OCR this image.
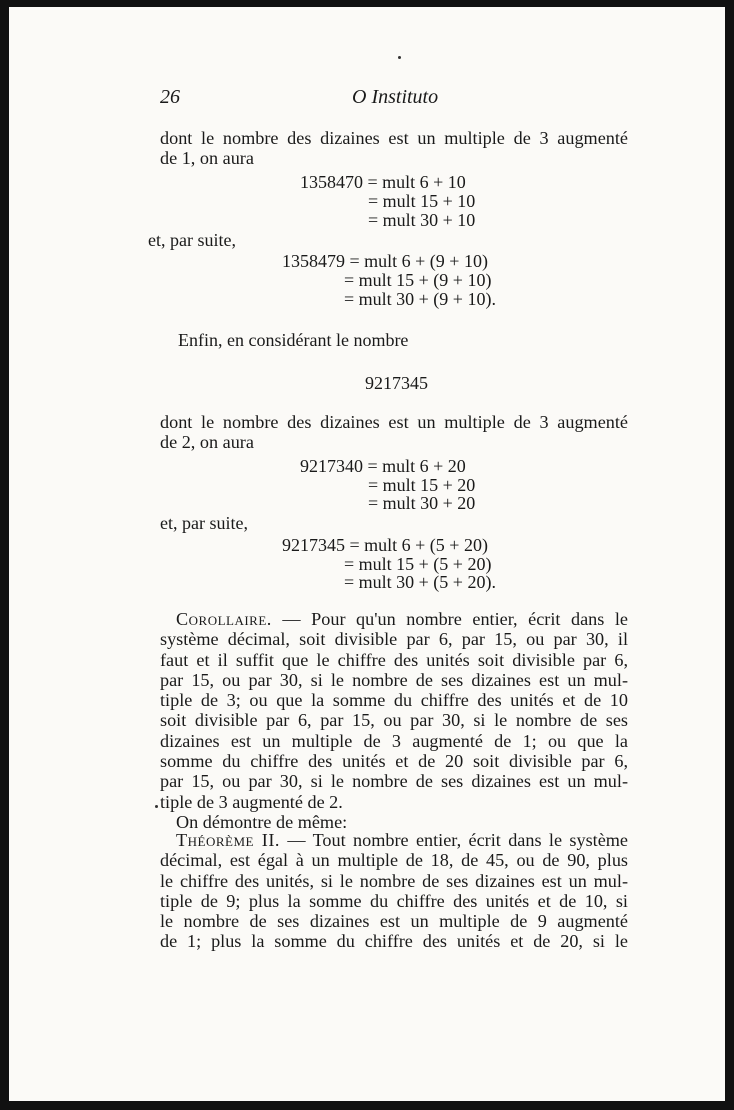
26	O Instituto
dont le nombre des dizaines est un multiple de 3 augmenté
de 1, on aura
1358470 = mult 6 + 10
= mult 15 + 10
= mult 30 + 10
et, par suite,
1358479 = mult 6 + (9 + 10)
= mult 15 + (9 + 10)
= mult 30 + (9 + 10).
Enfin, en considérant le nombre
9217345
dont le nombre des dizaines est un multiple de 3 augmenté
de 2, on aura
9217340 = mult 6 + 20
= mult 15 + 20
= mult 30 + 20
et, par suite,
9217345 = mult 6 + (5 + 20)
= mult 15 + (5 + 20)
= mult 30 + (5 + 20).
Corollaire. — Pour qu'un nombre entier, écrit dans le
système décimal, soit divisible par 6, par 15, ou par 30, il
faut et il suffit que le chiffre des unités soit divisible par 6,
par 15, ou par 30, si le nombre de ses dizaines est un mul-
tiple de 3; ou que la somme du chiffre des unités et de 10
soit divisible par 6, par 15, ou par 30, si le nombre de ses
dizaines est un multiple de 3 augmenté de 1; ou que la
somme du chiffre des unités et de 20 soit divisible par 6,
par 15, ou par 30, si le nombre de ses dizaines est un mul-
tiple de 3 augmenté de 2.
On démontre de même:
Théorème II. — Tout nombre entier, écrit dans le système
décimal, est égal à un multiple de 18, de 45, ou de 90, plus
le chiffre des unités, si le nombre de ses dizaines est un mul-
tiple de 9; plus la somme du chiffre des unités et de 10, si
le nombre de ses dizaines est un multiple de 9 augmenté
de 1; plus la somme du chiffre des unités et de 20, si le
